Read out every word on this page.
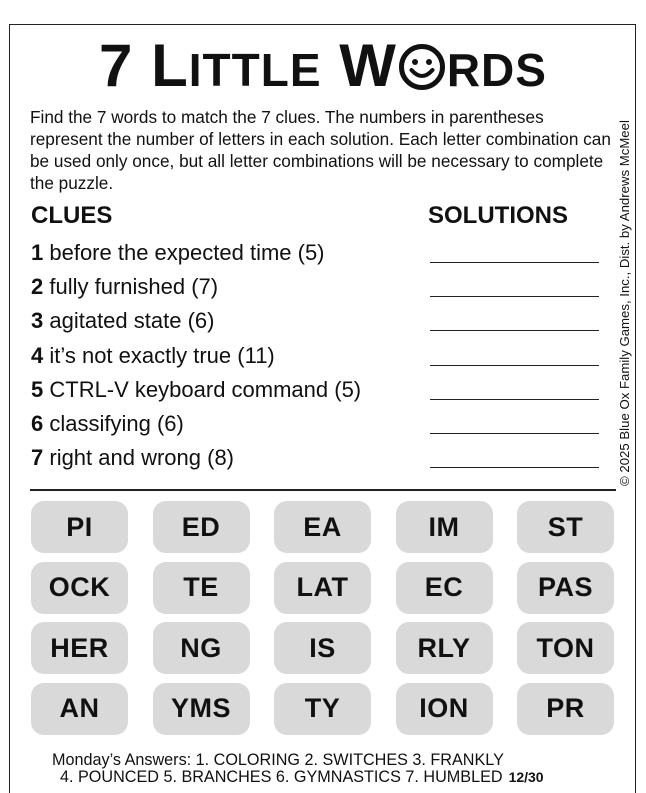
7 LITTLE W RDS
Find the 7 words to match the 7 clues. The numbers in parentheses represent the number of letters in each solution. Each letter combination can be used only once, but all letter combinations will be necessary to complete the puzzle.	© 2025 Blue Ox Family Games, Inc., Dist. by Andrews McMeel
CLUES	SOLUTIONS
1 before the expected time (5)
2 fully furnished (7)
3 agitated state (6)
4 it’s not exactly true (11)
5 CTRL-V keyboard command (5)
6 classifying (6)
7 right and wrong (8)
PI	ED	EA	IM	ST
OCK	TE	LAT	EC	PAS
HER	NG	IS	RLY	TON
AN	YMS	TY	ION	PR
Monday’s Answers: 1. COLORING 2. SWITCHES 3. FRANKLY
4. POUNCED 5. BRANCHES 6. GYMNASTICS 7. HUMBLED 12/30
